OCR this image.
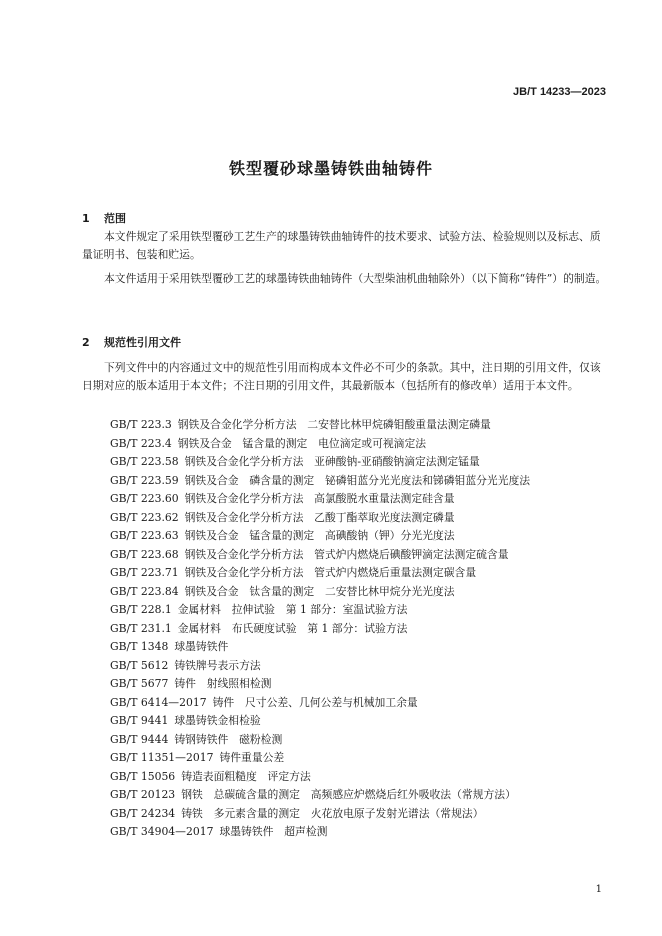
JB/T 14233—2023
铁型覆砂球墨铸铁曲轴铸件
1 范围

本文件规定了采用铁型覆砂工艺生产的球墨铸铁曲轴铸件的技术要求、试验方法、检验规则以及标志、质量证明书、包装和贮运。

本文件适用于采用铁型覆砂工艺的球墨铸铁曲轴铸件（大型柴油机曲轴除外）（以下简称“铸件”）的制造。

2 规范性引用文件

下列文件中的内容通过文中的规范性引用而构成本文件必不可少的条款。其中，注日期的引用文件，仅该日期对应的版本适用于本文件；不注日期的引用文件，其最新版本（包括所有的修改单）适用于本文件。

GB/T 223.3 钢铁及合金化学分析方法　二安替比林甲烷磷钼酸重量法测定磷量
GB/T 223.4 钢铁及合金　锰含量的测定　电位滴定或可视滴定法
GB/T 223.58 钢铁及合金化学分析方法　亚砷酸钠-亚硝酸钠滴定法测定锰量
GB/T 223.59 钢铁及合金　磷含量的测定　铋磷钼蓝分光光度法和锑磷钼蓝分光光度法
GB/T 223.60 钢铁及合金化学分析方法　高氯酸脱水重量法测定硅含量
GB/T 223.62 钢铁及合金化学分析方法　乙酸丁酯萃取光度法测定磷量
GB/T 223.63 钢铁及合金　锰含量的测定　高碘酸钠（钾）分光光度法
GB/T 223.68 钢铁及合金化学分析方法　管式炉内燃烧后碘酸钾滴定法测定硫含量
GB/T 223.71 钢铁及合金化学分析方法　管式炉内燃烧后重量法测定碳含量
GB/T 223.84 钢铁及合金　钛含量的测定　二安替比林甲烷分光光度法
GB/T 228.1 金属材料　拉伸试验　第 1 部分：室温试验方法
GB/T 231.1 金属材料　布氏硬度试验　第 1 部分：试验方法
GB/T 1348 球墨铸铁件
GB/T 5612 铸铁牌号表示方法
GB/T 5677 铸件　射线照相检测
GB/T 6414—2017 铸件　尺寸公差、几何公差与机械加工余量
GB/T 9441 球墨铸铁金相检验
GB/T 9444 铸钢铸铁件　磁粉检测
GB/T 11351—2017 铸件重量公差
GB/T 15056 铸造表面粗糙度　评定方法
GB/T 20123 钢铁　总碳硫含量的测定　高频感应炉燃烧后红外吸收法（常规方法）
GB/T 24234 铸铁　多元素含量的测定　火花放电原子发射光谱法（常规法）
GB/T 34904—2017 球墨铸铁件　超声检测
1
